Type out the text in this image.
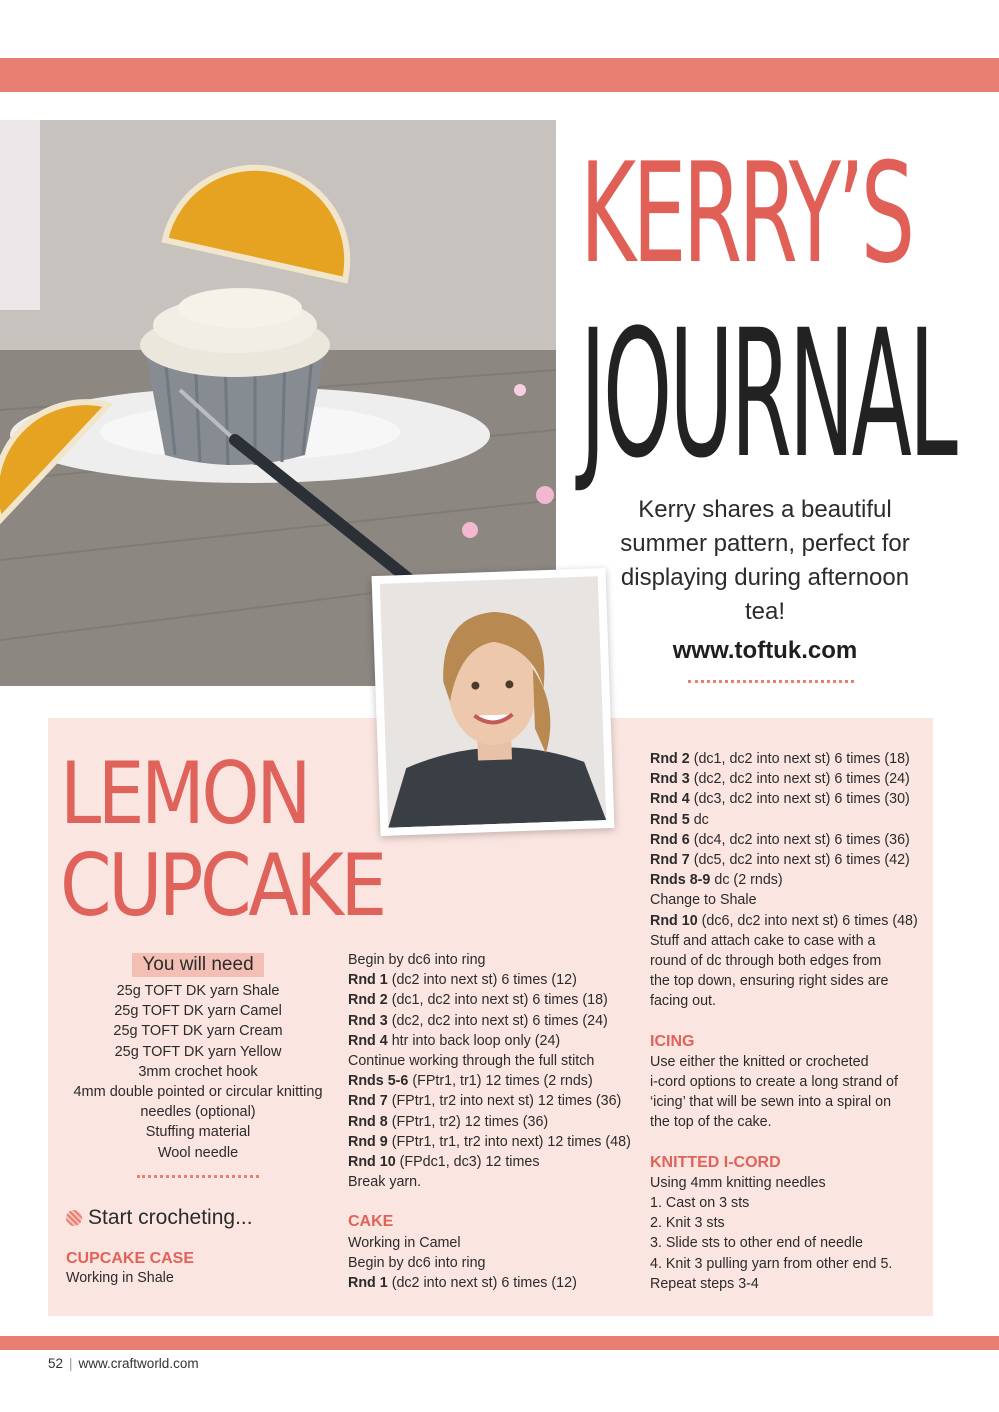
KERRY’S
JOURNAL

Kerry shares a beautiful summer pattern, perfect for displaying during afternoon tea!

www.toftuk.com
LEMON
CUPCAKE
You will need
25g TOFT DK yarn Shale
25g TOFT DK yarn Camel
25g TOFT DK yarn Cream
25g TOFT DK yarn Yellow
3mm crochet hook
4mm double pointed or circular knitting needles (optional)
Stuffing material
Wool needle
Start crocheting...
CUPCAKE CASE
Working in Shale
Begin by dc6 into ring
Rnd 1 (dc2 into next st) 6 times (12)
Rnd 2 (dc1, dc2 into next st) 6 times (18)
Rnd 3 (dc2, dc2 into next st) 6 times (24)
Rnd 4 htr into back loop only (24)
Continue working through the full stitch
Rnds 5-6 (FPtr1, tr1) 12 times (2 rnds)
Rnd 7 (FPtr1, tr2 into next st) 12 times (36)
Rnd 8 (FPtr1, tr2) 12 times (36)
Rnd 9 (FPtr1, tr1, tr2 into next) 12 times (48)
Rnd 10 (FPdc1, dc3) 12 times
Break yarn.
CAKE
Working in Camel
Begin by dc6 into ring
Rnd 1 (dc2 into next st) 6 times (12)
Rnd 2 (dc1, dc2 into next st) 6 times (18)
Rnd 3 (dc2, dc2 into next st) 6 times (24)
Rnd 4 (dc3, dc2 into next st) 6 times (30)
Rnd 5 dc
Rnd 6 (dc4, dc2 into next st) 6 times (36)
Rnd 7 (dc5, dc2 into next st) 6 times (42)
Rnds 8-9 dc (2 rnds)
Change to Shale
Rnd 10 (dc6, dc2 into next st) 6 times (48)
Stuff and attach cake to case with a
round of dc through both edges from
the top down, ensuring right sides are
facing out.
ICING
Use either the knitted or crocheted
i-cord options to create a long strand of
‘icing’ that will be sewn into a spiral on
the top of the cake.
KNITTED I-CORD
Using 4mm knitting needles
1. Cast on 3 sts
2. Knit 3 sts
3. Slide sts to other end of needle
4. Knit 3 pulling yarn from other end 5.
Repeat steps 3-4
52 | www.craftworld.com
